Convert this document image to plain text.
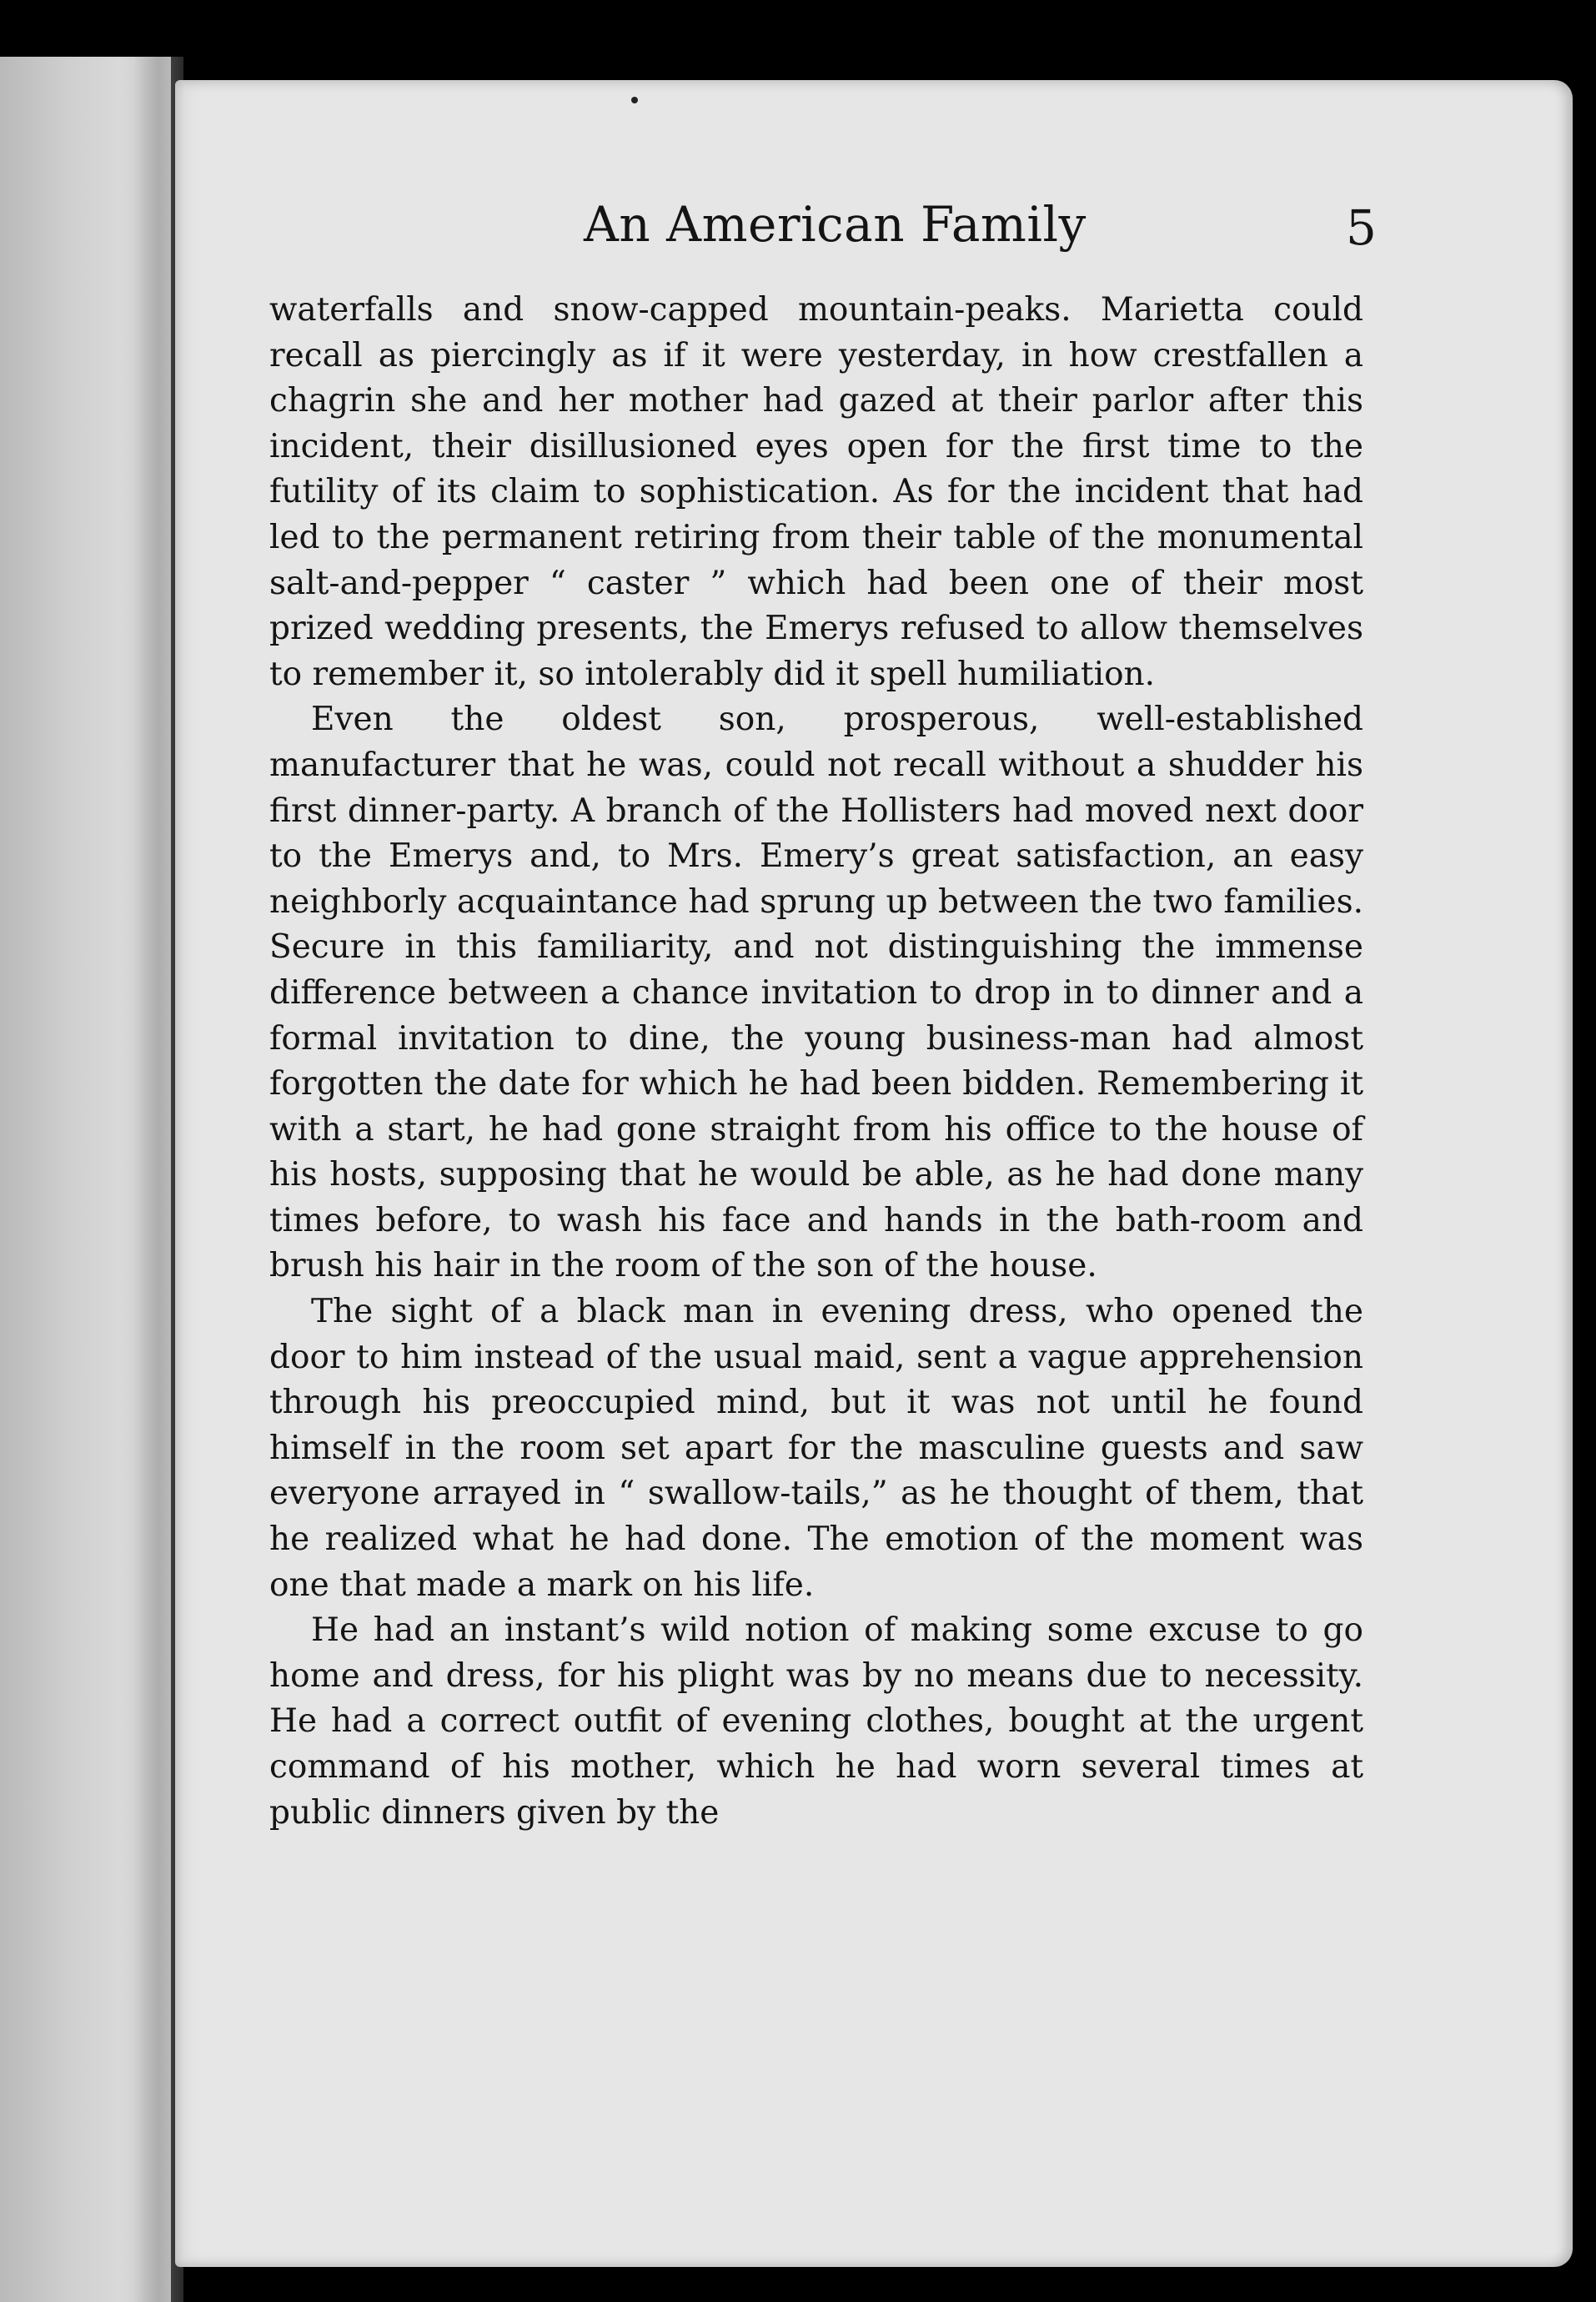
An American Family	5

waterfalls and snow-capped mountain-peaks. Marietta could recall as piercingly as if it were yesterday, in how crestfallen a chagrin she and her mother had gazed at their parlor after this incident, their disillusioned eyes open for the first time to the futility of its claim to sophistication. As for the incident that had led to the permanent retiring from their table of the monumental salt-and-pepper “ caster ” which had been one of their most prized wedding presents, the Emerys refused to allow themselves to remember it, so intolerably did it spell humiliation.

Even the oldest son, prosperous, well-established manufacturer that he was, could not recall without a shudder his first dinner-party. A branch of the Hollisters had moved next door to the Emerys and, to Mrs. Emery’s great satisfaction, an easy neighborly acquaintance had sprung up between the two families. Secure in this familiarity, and not distinguishing the immense difference between a chance invitation to drop in to dinner and a formal invitation to dine, the young business-man had almost forgotten the date for which he had been bidden. Remembering it with a start, he had gone straight from his office to the house of his hosts, supposing that he would be able, as he had done many times before, to wash his face and hands in the bath-room and brush his hair in the room of the son of the house.

The sight of a black man in evening dress, who opened the door to him instead of the usual maid, sent a vague apprehension through his preoccupied mind, but it was not until he found himself in the room set apart for the masculine guests and saw everyone arrayed in “ swallow-tails,” as he thought of them, that he realized what he had done. The emotion of the moment was one that made a mark on his life.

He had an instant’s wild notion of making some excuse to go home and dress, for his plight was by no means due to necessity. He had a correct outfit of evening clothes, bought at the urgent command of his mother, which he had worn several times at public dinners given by the
